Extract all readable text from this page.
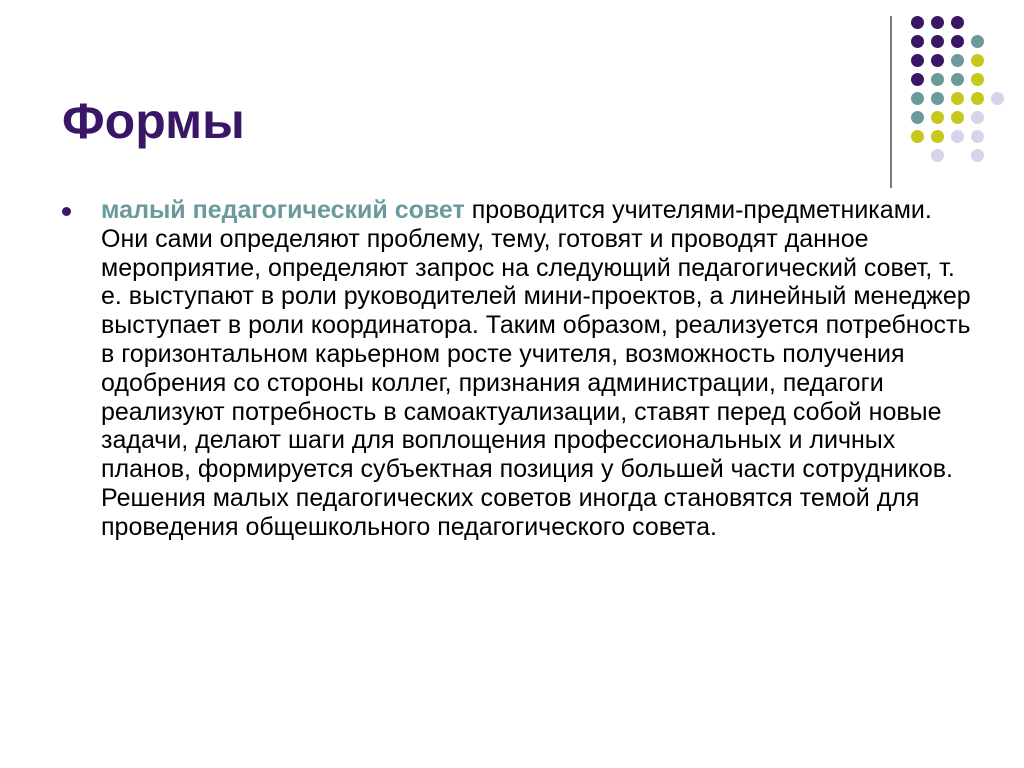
Формы
малый педагогический совет проводится учителями-предметниками. Они сами определяют проблему, тему, готовят и проводят данное мероприятие, определяют запрос на следующий педагогический совет, т. е. выступают в роли руководителей мини-проектов, а линейный менеджер выступает в роли координатора. Таким образом, реализуется потребность в горизонтальном карьерном росте учителя, возможность получения одобрения со стороны коллег, признания администрации, педагоги реализуют потребность в самоактуализации, ставят перед собой новые задачи, делают шаги для воплощения профессиональных и личных планов, формируется субъектная позиция у большей части сотрудников. Решения малых педагогических советов иногда становятся темой для проведения общешкольного педагогического совета.
